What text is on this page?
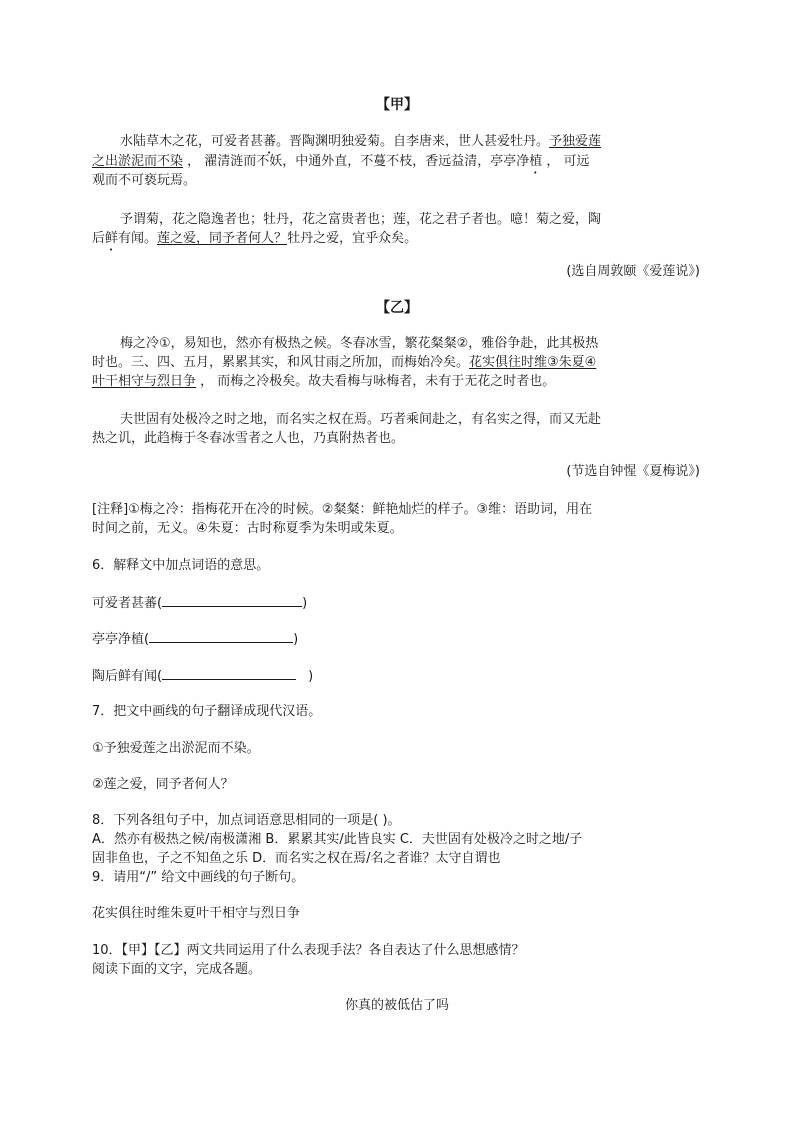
【甲】
水陆草木之花，可爱者甚蕃。晋陶渊明独爱菊。自李唐来，世人甚爱牡丹。予独爱莲
之出淤泥而不染 ， 濯清涟而不妖，中通外直，不蔓不枝，香远益清，亭亭净植 ， 可远
观而不可亵玩焉。
予谓菊，花之隐逸者也；牡丹，花之富贵者也；莲，花之君子者也。噫！菊之爱，陶
后鲜有闻。莲之爱，同予者何人？牡丹之爱，宜乎众矣。
(选自周敦颐《爱莲说》)
【乙】
梅之冷①，易知也，然亦有极热之候。冬春冰雪，繁花粲粲②，雅俗争赴，此其极热
时也。三、四、五月，累累其实，和风甘雨之所加，而梅始冷矣。花实俱往时维③朱夏④
叶干相守与烈日争 ， 而梅之冷极矣。故夫看梅与咏梅者，未有于无花之时者也。
夫世固有处极冷之时之地，而名实之权在焉。巧者乘间赴之，有名实之得，而又无赴
热之讥，此趋梅于冬春冰雪者之人也，乃真附热者也。
(节选自钟惺《夏梅说》)
[注释]①梅之冷：指梅花开在冷的时候。②粲粲：鲜艳灿烂的样子。③维：语助词，用在
时间之前，无义。④朱夏：古时称夏季为朱明或朱夏。
6．解释文中加点词语的意思。
可爱者甚蕃(	)
亭亭净植(	)
陶后鲜有闻(	)
7．把文中画线的句子翻译成现代汉语。
①予独爱莲之出淤泥而不染。
②莲之爱，同予者何人？
8．下列各组句子中，加点词语意思相同的一项是( )。
A．然亦有极热之候/南极潇湘 B．累累其实/此皆良实 C．夫世固有处极冷之时之地/子
固非鱼也，子之不知鱼之乐 D．而名实之权在焉/名之者谁？太守自谓也
9．请用“/” 给文中画线的句子断句。
花实俱往时维朱夏叶干相守与烈日争
10．【甲】【乙】两文共同运用了什么表现手法？各自表达了什么思想感情？
阅读下面的文字，完成各题。
你真的被低估了吗
